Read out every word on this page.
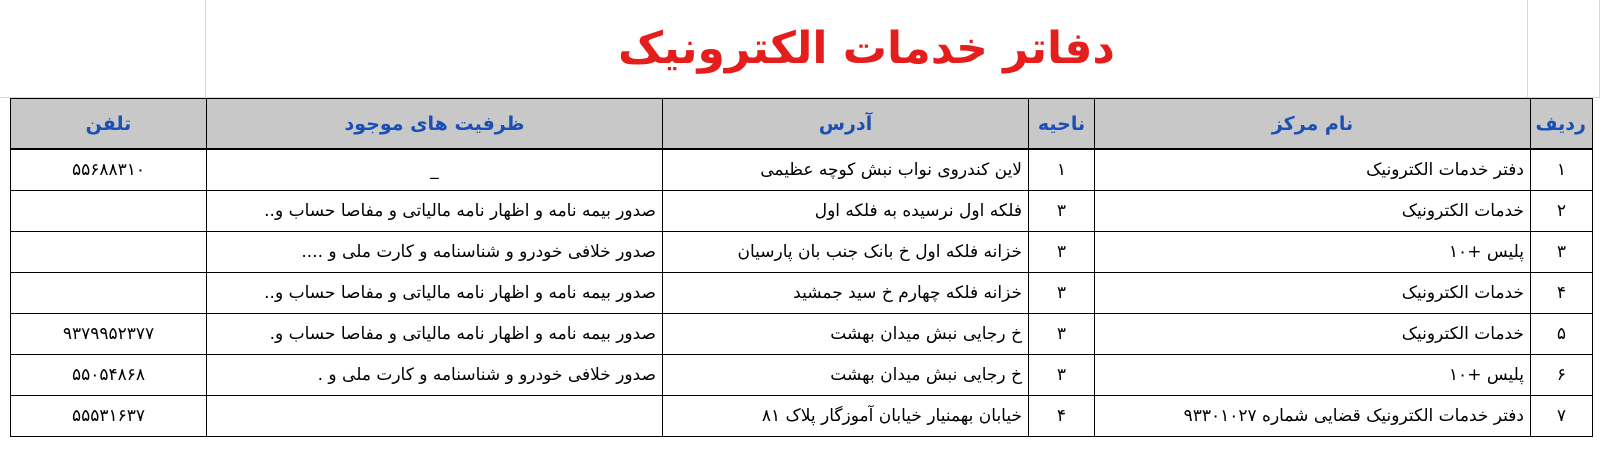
دفاتر خدمات الکترونیک
ردیف	نام مرکز	ناحیه	آدرس	ظرفیت های موجود	تلفن
۱	دفتر خدمات الکترونیک	۱	لاین کندروی نواب نبش کوچه عظیمی	_	۵۵۶۸۸۳۱۰
۲	خدمات الکترونیک	۳	فلکه اول نرسیده به فلکه اول	صدور بیمه نامه و اظهار نامه مالیاتی و مفاصا حساب و..	
۳	پلیس +۱۰	۳	خزانه فلکه اول خ بانک جنب بان پارسیان	صدور خلافی خودرو و شناسنامه و کارت ملی و ....	
۴	خدمات الکترونیک	۳	خزانه فلکه چهارم خ سید جمشید	صدور بیمه نامه و اظهار نامه مالیاتی و مفاصا حساب و..	
۵	خدمات الکترونیک	۳	خ رجایی نبش میدان بهشت	صدور بیمه نامه و اظهار نامه مالیاتی و مفاصا حساب و.	۹۳۷۹۹۵۲۳۷۷
۶	پلیس +۱۰	۳	خ رجایی نبش میدان بهشت	صدور خلافی خودرو و شناسنامه و کارت ملی و .	۵۵۰۵۴۸۶۸
۷	دفتر خدمات الکترونیک قضایی شماره ۹۳۳۰۱۰۲۷	۴	خیابان بهمنیار خیابان آموزگار پلاک ۸۱		۵۵۵۳۱۶۳۷
